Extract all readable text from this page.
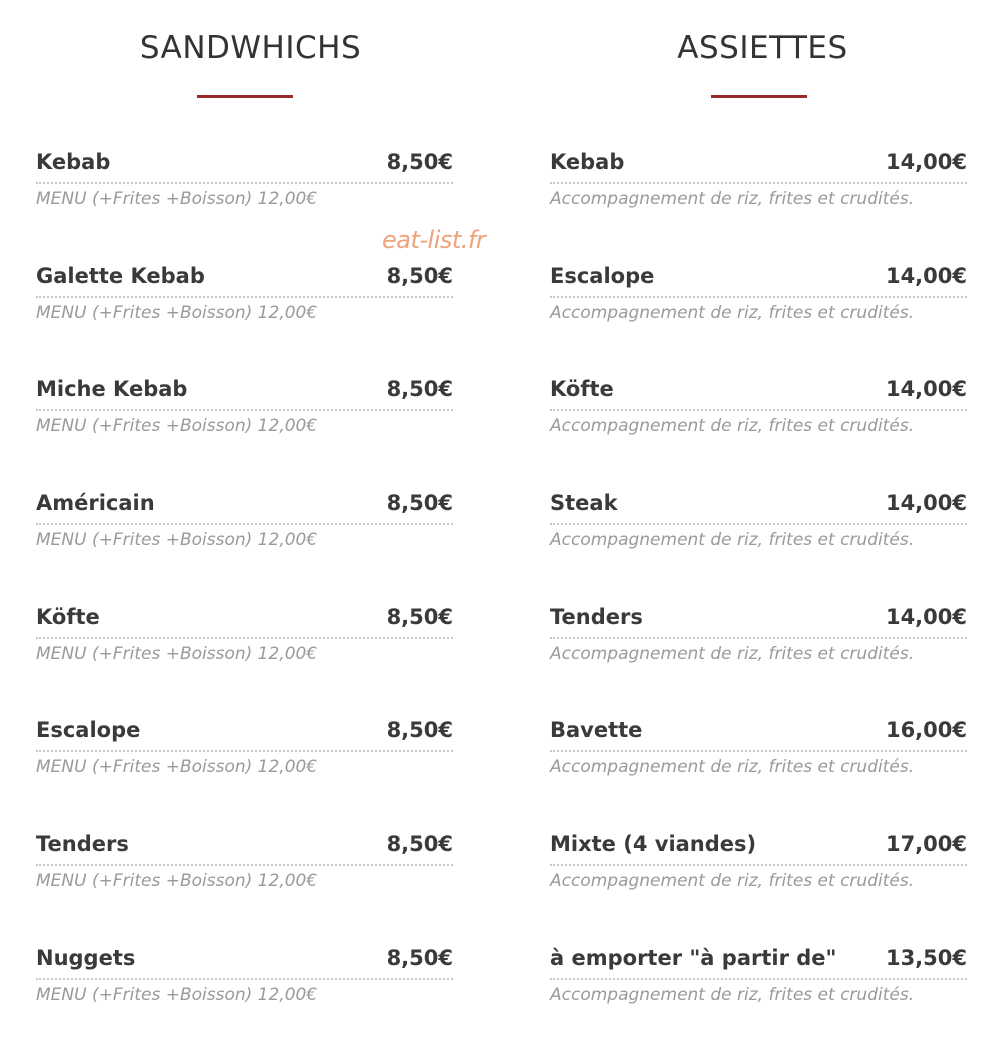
SANDWHICHS
Kebab	8,50€
MENU (+Frites +Boisson) 12,00€
Galette Kebab	8,50€
MENU (+Frites +Boisson) 12,00€
Miche Kebab	8,50€
MENU (+Frites +Boisson) 12,00€
Américain	8,50€
MENU (+Frites +Boisson) 12,00€
Köfte	8,50€
MENU (+Frites +Boisson) 12,00€
Escalope	8,50€
MENU (+Frites +Boisson) 12,00€
Tenders	8,50€
MENU (+Frites +Boisson) 12,00€
Nuggets	8,50€
MENU (+Frites +Boisson) 12,00€
ASSIETTES
Kebab	14,00€
Accompagnement de riz, frites et crudités.
Escalope	14,00€
Accompagnement de riz, frites et crudités.
Köfte	14,00€
Accompagnement de riz, frites et crudités.
Steak	14,00€
Accompagnement de riz, frites et crudités.
Tenders	14,00€
Accompagnement de riz, frites et crudités.
Bavette	16,00€
Accompagnement de riz, frites et crudités.
Mixte (4 viandes)	17,00€
Accompagnement de riz, frites et crudités.
à emporter "à partir de" 13,50€
Accompagnement de riz, frites et crudités.
eat-list.fr
